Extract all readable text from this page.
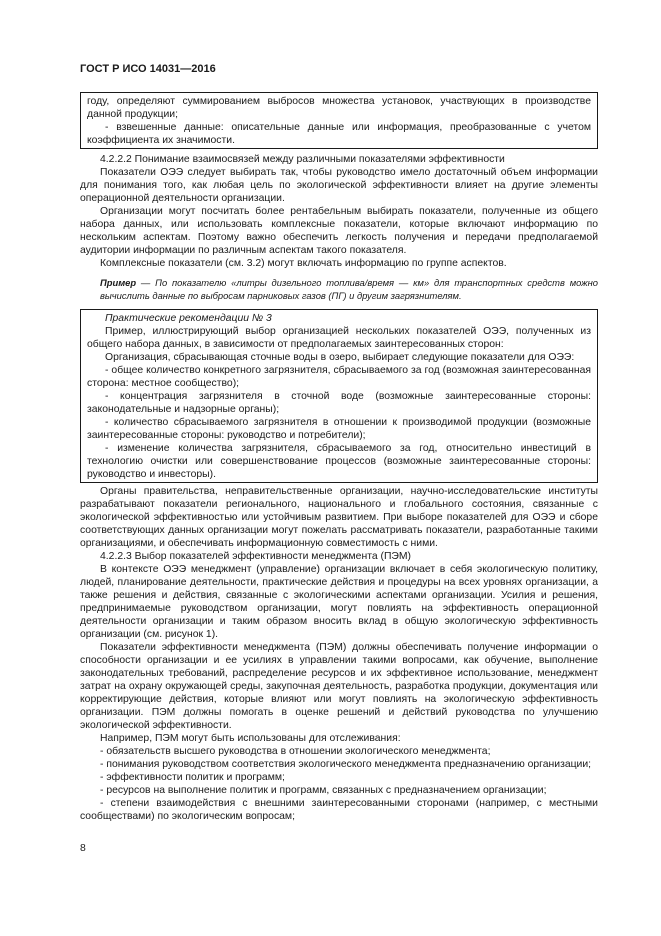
ГОСТ Р ИСО 14031—2016

году, определяют суммированием выбросов множества установок, участвующих в производстве данной продукции;

- взвешенные данные: описательные данные или информация, преобразованные с учетом коэффициента их значимости.

4.2.2.2 Понимание взаимосвязей между различными показателями эффективности

Показатели ОЭЭ следует выбирать так, чтобы руководство имело достаточный объем информации для понимания того, как любая цель по экологической эффективности влияет на другие элементы операционной деятельности организации.

Организации могут посчитать более рентабельным выбирать показатели, полученные из общего набора данных, или использовать комплексные показатели, которые включают информацию по нескольким аспектам. Поэтому важно обеспечить легкость получения и передачи предполагаемой аудитории информации по различным аспектам такого показателя.

Комплексные показатели (см. 3.2) могут включать информацию по группе аспектов.

Пример — По показателю «литры дизельного топлива/время — км» для транспортных средств можно вычислить данные по выбросам парниковых газов (ПГ) и другим загрязнителям.

Практические рекомендации № 3

Пример, иллюстрирующий выбор организацией нескольких показателей ОЭЭ, полученных из общего набора данных, в зависимости от предполагаемых заинтересованных сторон:

Организация, сбрасывающая сточные воды в озеро, выбирает следующие показатели для ОЭЭ:

- общее количество конкретного загрязнителя, сбрасываемого за год (возможная заинтересованная сторона: местное сообщество);

- концентрация загрязнителя в сточной воде (возможные заинтересованные стороны: законодательные и надзорные органы);

- количество сбрасываемого загрязнителя в отношении к производимой продукции (возможные заинтересованные стороны: руководство и потребители);

- изменение количества загрязнителя, сбрасываемого за год, относительно инвестиций в технологию очистки или совершенствование процессов (возможные заинтересованные стороны: руководство и инвесторы).

Органы правительства, неправительственные организации, научно-исследовательские институты разрабатывают показатели регионального, национального и глобального состояния, связанные с экологической эффективностью или устойчивым развитием. При выборе показателей для ОЭЭ и сборе соответствующих данных организации могут пожелать рассматривать показатели, разработанные такими организациями, и обеспечивать информационную совместимость с ними.

4.2.2.3 Выбор показателей эффективности менеджмента (ПЭМ)

В контексте ОЭЭ менеджмент (управление) организации включает в себя экологическую политику, людей, планирование деятельности, практические действия и процедуры на всех уровнях организации, а также решения и действия, связанные с экологическими аспектами организации. Усилия и решения, предпринимаемые руководством организации, могут повлиять на эффективность операционной деятельности организации и таким образом вносить вклад в общую экологическую эффективность организации (см. рисунок 1).

Показатели эффективности менеджмента (ПЭМ) должны обеспечивать получение информации о способности организации и ее усилиях в управлении такими вопросами, как обучение, выполнение законодательных требований, распределение ресурсов и их эффективное использование, менеджмент затрат на охрану окружающей среды, закупочная деятельность, разработка продукции, документация или корректирующие действия, которые влияют или могут повлиять на экологическую эффективность организации. ПЭМ должны помогать в оценке решений и действий руководства по улучшению экологической эффективности.

Например, ПЭМ могут быть использованы для отслеживания:

- обязательств высшего руководства в отношении экологического менеджмента;

- понимания руководством соответствия экологического менеджмента предназначению организации;

- эффективности политик и программ;

- ресурсов на выполнение политик и программ, связанных с предназначением организации;

- степени взаимодействия с внешними заинтересованными сторонами (например, с местными сообществами) по экологическим вопросам;

8
